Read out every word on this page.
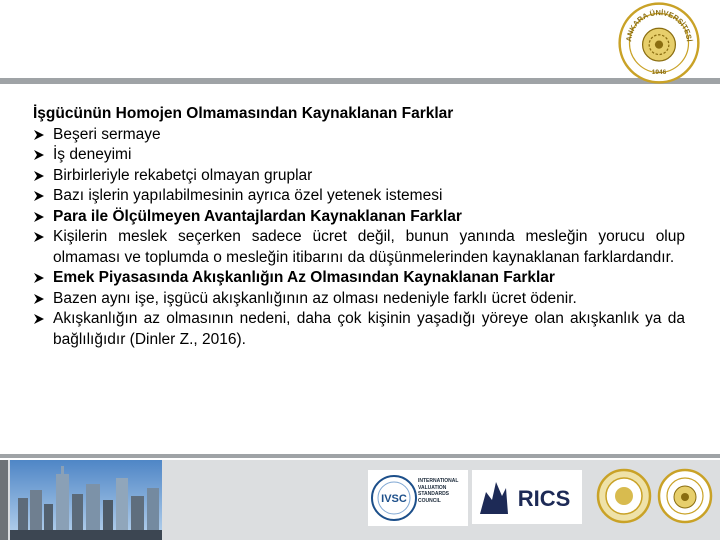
ANKARA ÜNİVERSİTESİ
1946

İşgücünün Homojen Olmamasından Kaynaklanan Farklar

Beşeri sermaye
İş deneyimi
Birbirleriyle rekabetçi olmayan gruplar
Bazı işlerin yapılabilmesinin ayrıca özel yetenek istemesi
Para ile Ölçülmeyen Avantajlardan Kaynaklanan Farklar
Kişilerin meslek seçerken sadece ücret değil, bunun yanında mesleğin yorucu olup olmaması ve toplumda o mesleğin itibarını da düşünmelerinden kaynaklanan farklardandır.
Emek Piyasasında Akışkanlığın Az Olmasından Kaynaklanan Farklar
Bazen aynı işe, işgücü akışkanlığının az olması nedeniyle farklı ücret ödenir.
Akışkanlığın az olmasının nedeni, daha çok kişinin yaşadığı yöreye olan akışkanlık ya da bağlılığıdır (Dinler Z., 2016).
IVSC
INTERNATIONAL
VALUATION
STANDARDS
COUNCIL	RICS
